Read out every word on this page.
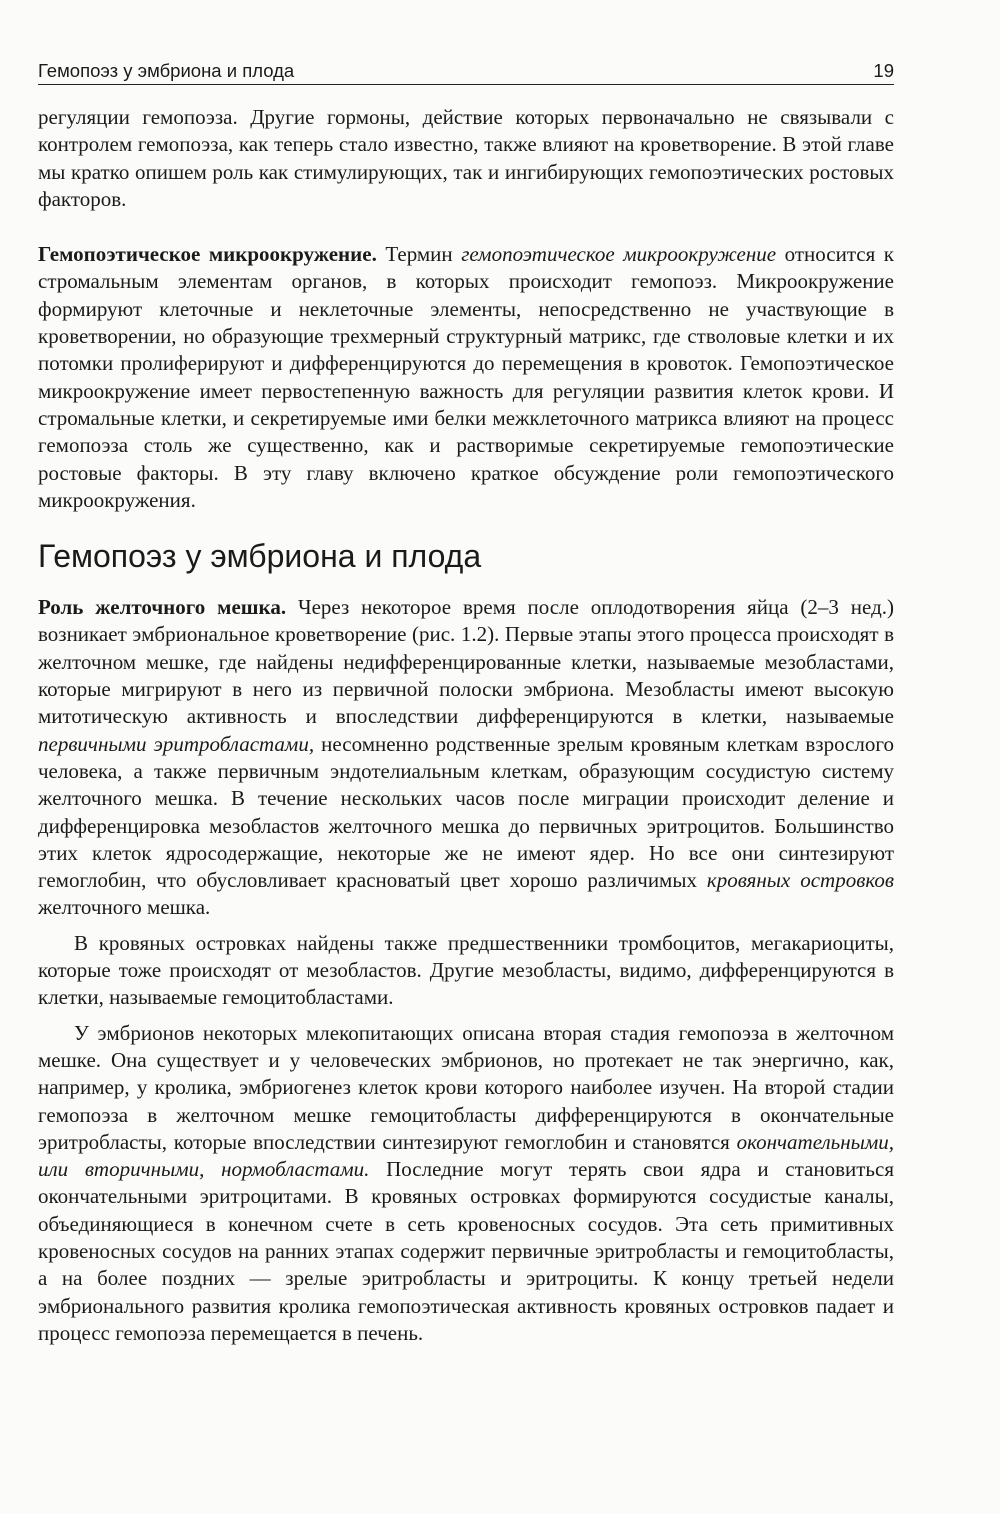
Гемопоэз у эмбриона и плода	19

регуляции гемопоэза. Другие гормоны, действие которых первоначально не связывали с контролем гемопоэза, как теперь стало известно, также влияют на кроветворение. В этой главе мы кратко опишем роль как стимулирующих, так и ингибирующих гемопоэтических ростовых факторов.

Гемопоэтическое микроокружение. Термин гемопоэтическое микроокружение относится к стромальным элементам органов, в которых происходит гемопоэз. Микроокружение формируют клеточные и неклеточные элементы, непосредственно не участвующие в кроветворении, но образующие трехмерный структурный матрикс, где стволовые клетки и их потомки пролиферируют и дифференцируются до перемещения в кровоток. Гемопоэтическое микроокружение имеет первостепенную важность для регуляции развития клеток крови. И стромальные клетки, и секретируемые ими белки межклеточного матрикса влияют на процесс гемопоэза столь же существенно, как и растворимые секретируемые гемопоэтические ростовые факторы. В эту главу включено краткое обсуждение роли гемопоэтического микроокружения.

Гемопоэз у эмбриона и плода

Роль желточного мешка. Через некоторое время после оплодотворения яйца (2–3 нед.) возникает эмбриональное кроветворение (рис. 1.2). Первые этапы этого процесса происходят в желточном мешке, где найдены недифференцированные клетки, называемые мезобластами, которые мигрируют в него из первичной полоски эмбриона. Мезобласты имеют высокую митотическую активность и впоследствии дифференцируются в клетки, называемые первичными эритробластами, несомненно родственные зрелым кровяным клеткам взрослого человека, а также первичным эндотелиальным клеткам, образующим сосудистую систему желточного мешка. В течение нескольких часов после миграции происходит деление и дифференцировка мезобластов желточного мешка до первичных эритроцитов. Большинство этих клеток ядросодержащие, некоторые же не имеют ядер. Но все они синтезируют гемоглобин, что обусловливает красноватый цвет хорошо различимых кровяных островков желточного мешка.

В кровяных островках найдены также предшественники тромбоцитов, мегакариоциты, которые тоже происходят от мезобластов. Другие мезобласты, видимо, дифференцируются в клетки, называемые гемоцитобластами.

У эмбрионов некоторых млекопитающих описана вторая стадия гемопоэза в желточном мешке. Она существует и у человеческих эмбрионов, но протекает не так энергично, как, например, у кролика, эмбриогенез клеток крови которого наиболее изучен. На второй стадии гемопоэза в желточном мешке гемоцитобласты дифференцируются в окончательные эритробласты, которые впоследствии синтезируют гемоглобин и становятся окончательными, или вторичными, нормобластами. Последние могут терять свои ядра и становиться окончательными эритроцитами. В кровяных островках формируются сосудистые каналы, объединяющиеся в конечном счете в сеть кровеносных сосудов. Эта сеть примитивных кровеносных сосудов на ранних этапах содержит первичные эритробласты и гемоцитобласты, а на более поздних — зрелые эритробласты и эритроциты. К концу третьей недели эмбрионального развития кролика гемопоэтическая активность кровяных островков падает и процесс гемопоэза перемещается в печень.
